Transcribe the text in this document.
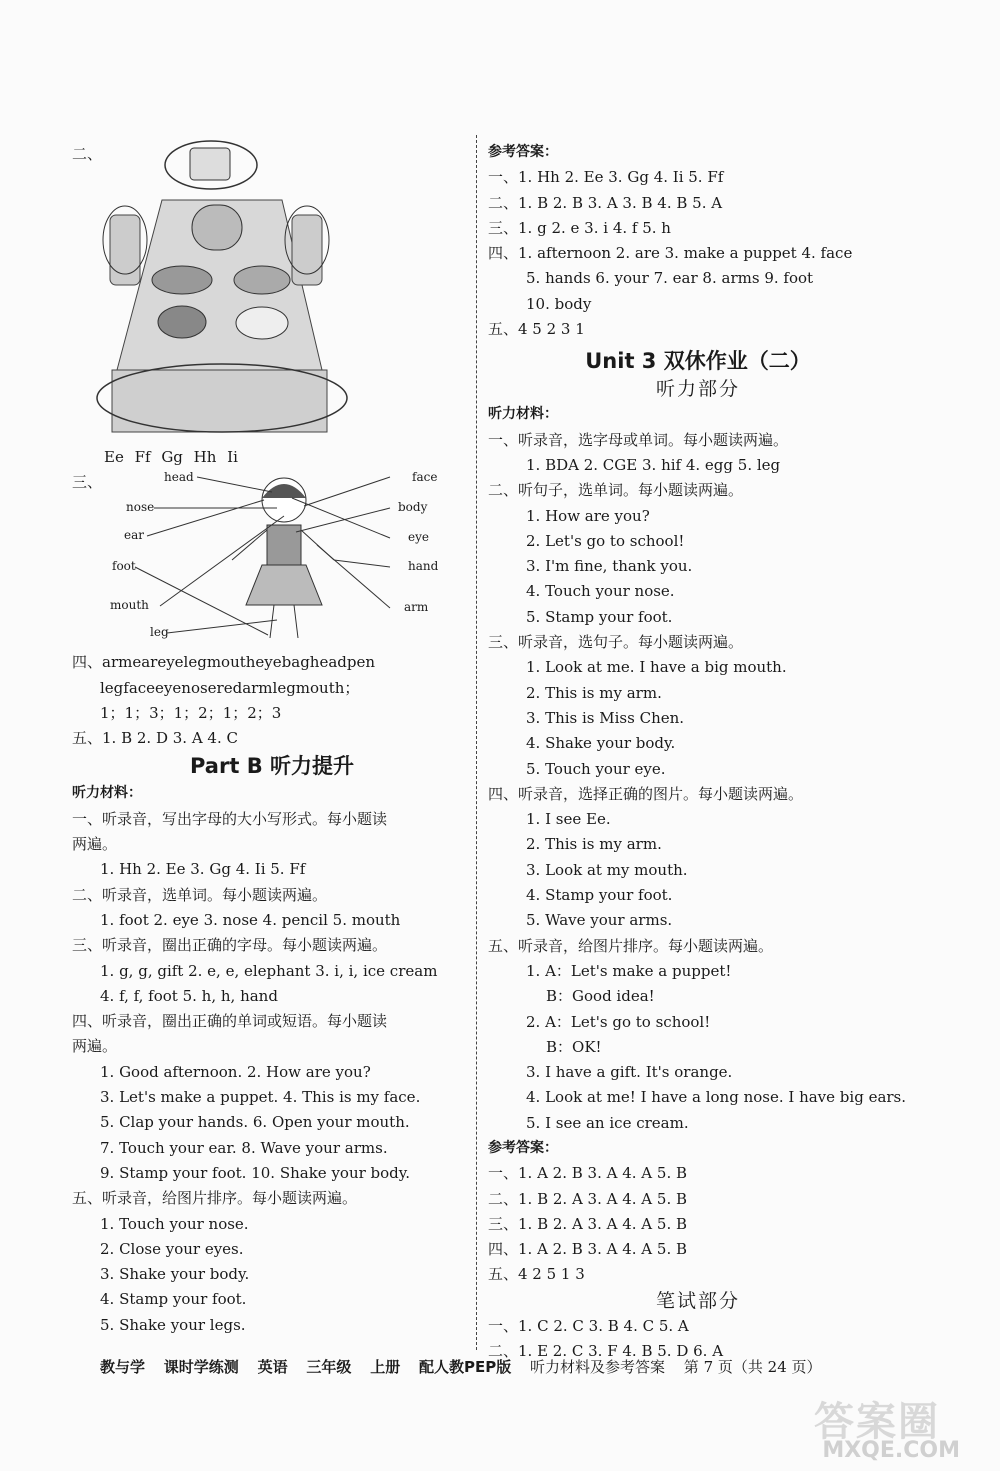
二、
Ee Ff Gg Hh Ii
三、	head
nose
ear
foot
mouth
leg
face
body
eye
hand
arm
四、armearеyelegmouthеyebagheadpen
legfaceеyenoseredarmlegmouth；
1；1；3；1；2；1；2；3
五、1. B 2. D 3. A 4. C
Part B 听力提升
听力材料：
一、听录音，写出字母的大小写形式。每小题读
两遍。
1. Hh 2. Ee 3. Gg 4. Ii 5. Ff
二、听录音，选单词。每小题读两遍。
1. foot 2. eye 3. nose 4. pencil 5. mouth
三、听录音，圈出正确的字母。每小题读两遍。
1. g, g, gift 2. e, e, elephant 3. i, i, ice cream
4. f, f, foot 5. h, h, hand
四、听录音，圈出正确的单词或短语。每小题读
两遍。
1. Good afternoon. 2. How are you?
3. Let's make a puppet. 4. This is my face.
5. Clap your hands. 6. Open your mouth.
7. Touch your ear. 8. Wave your arms.
9. Stamp your foot. 10. Shake your body.
五、听录音，给图片排序。每小题读两遍。
1. Touch your nose.
2. Close your eyes.
3. Shake your body.
4. Stamp your foot.
5. Shake your legs.
参考答案：
一、1. Hh 2. Ee 3. Gg 4. Ii 5. Ff
二、1. B 2. B 3. A 3. B 4. B 5. A
三、1. g 2. e 3. i 4. f 5. h
四、1. afternoon 2. are 3. make a puppet 4. face
5. hands 6. your 7. ear 8. arms 9. foot
10. body
五、4 5 2 3 1
Unit 3 双休作业（二）
听力部分
听力材料：
一、听录音，选字母或单词。每小题读两遍。
1. BDA 2. CGE 3. hif 4. egg 5. leg
二、听句子，选单词。每小题读两遍。
1. How are you?
2. Let's go to school!
3. I'm fine, thank you.
4. Touch your nose.
5. Stamp your foot.
三、听录音，选句子。每小题读两遍。
1. Look at me. I have a big mouth.
2. This is my arm.
3. This is Miss Chen.
4. Shake your body.
5. Touch your eye.
四、听录音，选择正确的图片。每小题读两遍。
1. I see Ee.
2. This is my arm.
3. Look at my mouth.
4. Stamp your foot.
5. Wave your arms.
五、听录音，给图片排序。每小题读两遍。
1. A：Let's make a puppet!
B：Good idea!
2. A：Let's go to school!
B：OK!
3. I have a gift. It's orange.
4. Look at me! I have a long nose. I have big ears.
5. I see an ice cream.
参考答案：
一、1. A 2. B 3. A 4. A 5. B
二、1. B 2. A 3. A 4. A 5. B
三、1. B 2. A 3. A 4. A 5. B
四、1. A 2. B 3. A 4. A 5. B
五、4 2 5 1 3
笔试部分
一、1. C 2. C 3. B 4. C 5. A
二、1. E 2. C 3. F 4. B 5. D 6. A
教与学 课时学练测 英语 三年级 上册 配人教PEP版 听力材料及参考答案 第 7 页（共 24 页）
答案圈
MXQE.COM
